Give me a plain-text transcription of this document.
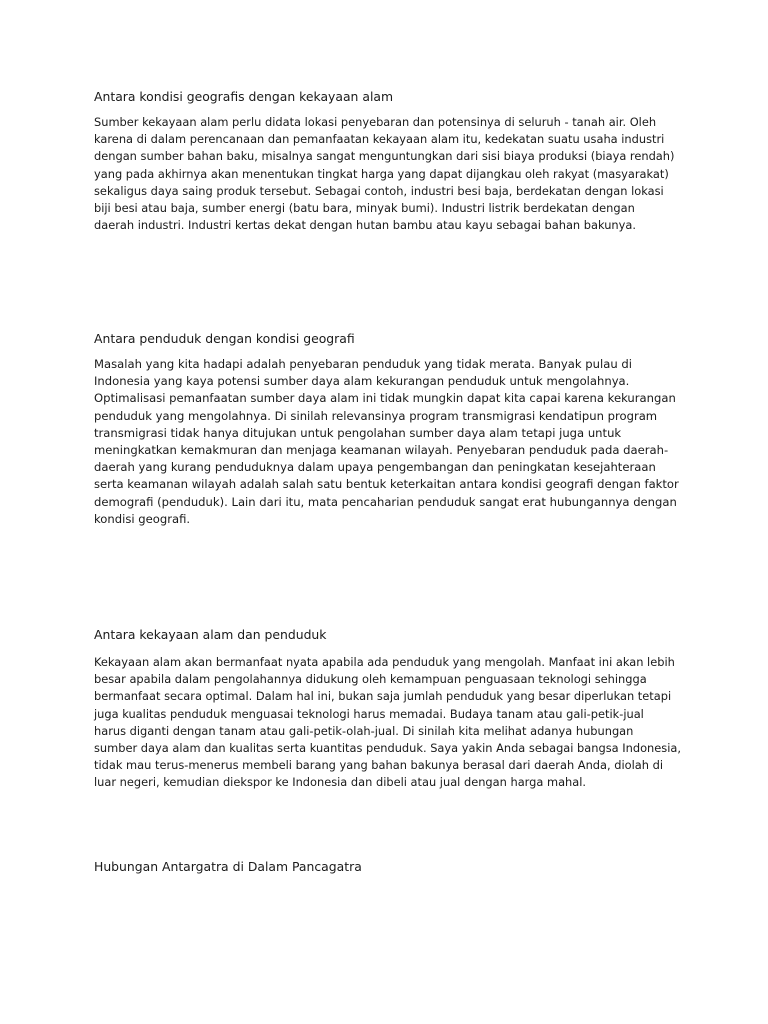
Antara kondisi geografis dengan kekayaan alam

Sumber kekayaan alam perlu didata lokasi penyebaran dan potensinya di seluruh - tanah air. Oleh
karena di dalam perencanaan dan pemanfaatan kekayaan alam itu, kedekatan suatu usaha industri
dengan sumber bahan baku, misalnya sangat menguntungkan dari sisi biaya produksi (biaya rendah)
yang pada akhirnya akan menentukan tingkat harga yang dapat dijangkau oleh rakyat (masyarakat)
sekaligus daya saing produk tersebut. Sebagai contoh, industri besi baja, berdekatan dengan lokasi
biji besi atau baja, sumber energi (batu bara, minyak bumi). Industri listrik berdekatan dengan
daerah industri. Industri kertas dekat dengan hutan bambu atau kayu sebagai bahan bakunya.

Antara penduduk dengan kondisi geografi

Masalah yang kita hadapi adalah penyebaran penduduk yang tidak merata. Banyak pulau di
Indonesia yang kaya potensi sumber daya alam kekurangan penduduk untuk mengolahnya.
Optimalisasi pemanfaatan sumber daya alam ini tidak mungkin dapat kita capai karena kekurangan
penduduk yang mengolahnya. Di sinilah relevansinya program transmigrasi kendatipun program
transmigrasi tidak hanya ditujukan untuk pengolahan sumber daya alam tetapi juga untuk
meningkatkan kemakmuran dan menjaga keamanan wilayah. Penyebaran penduduk pada daerah-
daerah yang kurang penduduknya dalam upaya pengembangan dan peningkatan kesejahteraan
serta keamanan wilayah adalah salah satu bentuk keterkaitan antara kondisi geografi dengan faktor
demografi (penduduk). Lain dari itu, mata pencaharian penduduk sangat erat hubungannya dengan
kondisi geografi.

Antara kekayaan alam dan penduduk

Kekayaan alam akan bermanfaat nyata apabila ada penduduk yang mengolah. Manfaat ini akan lebih
besar apabila dalam pengolahannya didukung oleh kemampuan penguasaan teknologi sehingga
bermanfaat secara optimal. Dalam hal ini, bukan saja jumlah penduduk yang besar diperlukan tetapi
juga kualitas penduduk menguasai teknologi harus memadai. Budaya tanam atau gali-petik-jual
harus diganti dengan tanam atau gali-petik-olah-jual. Di sinilah kita melihat adanya hubungan
sumber daya alam dan kualitas serta kuantitas penduduk. Saya yakin Anda sebagai bangsa Indonesia,
tidak mau terus-menerus membeli barang yang bahan bakunya berasal dari daerah Anda, diolah di
luar negeri, kemudian diekspor ke Indonesia dan dibeli atau jual dengan harga mahal.

Hubungan Antargatra di Dalam Pancagatra
